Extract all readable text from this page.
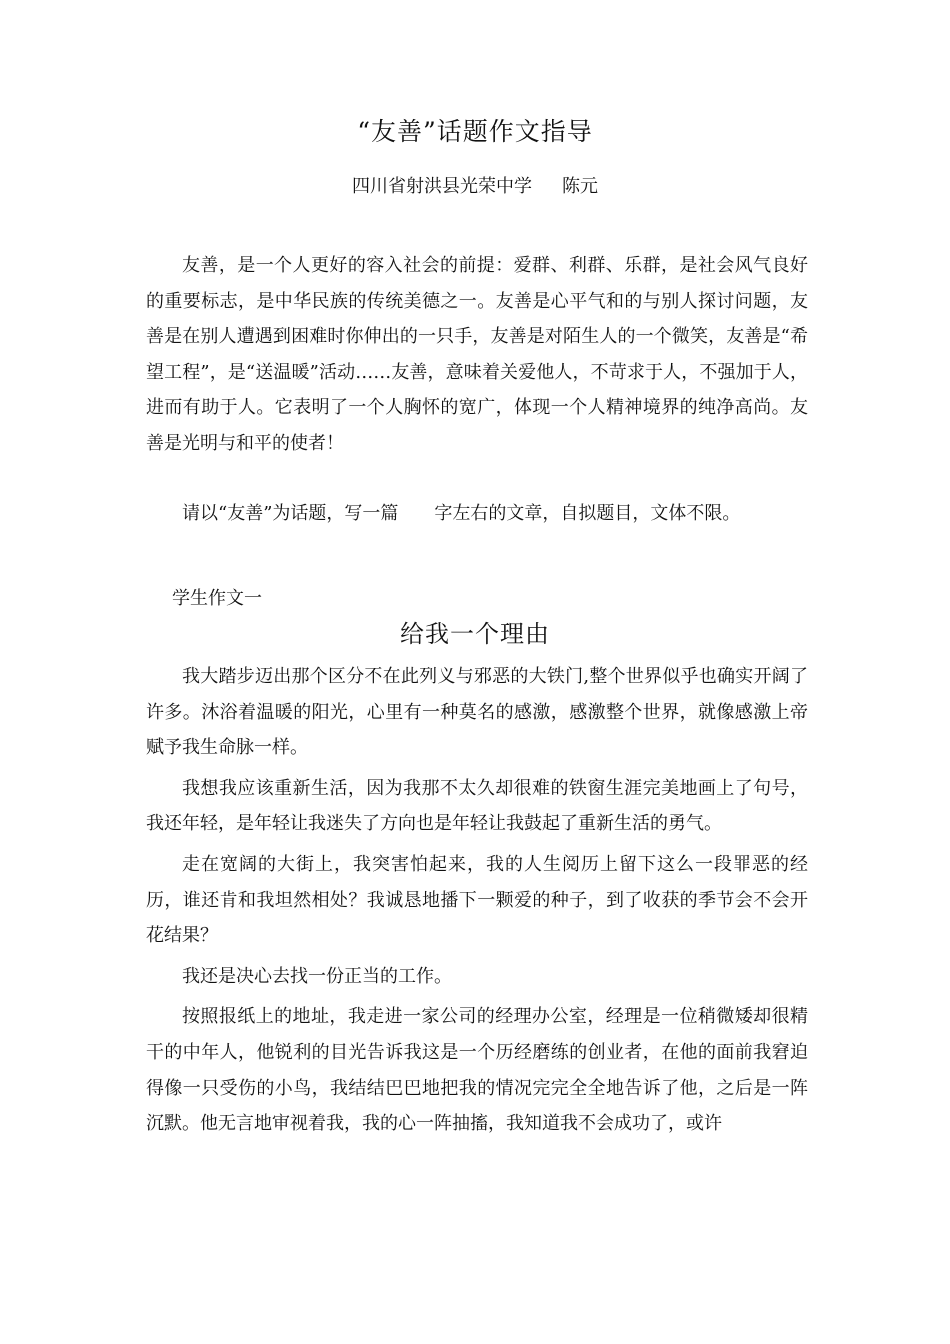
“友善”话题作文指导

四川省射洪县光荣中学 陈元

友善，是一个人更好的容入社会的前提：爱群、利群、乐群，是社会风气良好的重要标志，是中华民族的传统美德之一。友善是心平气和的与别人探讨问题，友善是在别人遭遇到困难时你伸出的一只手，友善是对陌生人的一个微笑，友善是“希望工程”，是“送温暖”活动……友善，意味着关爱他人，不苛求于人，不强加于人，进而有助于人。它表明了一个人胸怀的宽广，体现一个人精神境界的纯净高尚。友善是光明与和平的使者！

请以“友善”为话题，写一篇 字左右的文章，自拟题目，文体不限。

学生作文一

给我一个理由

我大踏步迈出那个区分不在此列义与邪恶的大铁门,整个世界似乎也确实开阔了许多。沐浴着温暖的阳光，心里有一种莫名的感激，感激整个世界，就像感激上帝赋予我生命脉一样。

我想我应该重新生活，因为我那不太久却很难的铁窗生涯完美地画上了句号，我还年轻，是年轻让我迷失了方向也是年轻让我鼓起了重新生活的勇气。

走在宽阔的大街上，我突害怕起来，我的人生阅历上留下这么一段罪恶的经历，谁还肯和我坦然相处？我诚恳地播下一颗爱的种子，到了收获的季节会不会开花结果？

我还是决心去找一份正当的工作。

按照报纸上的地址，我走进一家公司的经理办公室，经理是一位稍微矮却很精干的中年人，他锐利的目光告诉我这是一个历经磨练的创业者，在他的面前我窘迫得像一只受伤的小鸟，我结结巴巴地把我的情况完完全全地告诉了他，之后是一阵沉默。他无言地审视着我，我的心一阵抽搐，我知道我不会成功了，或许
